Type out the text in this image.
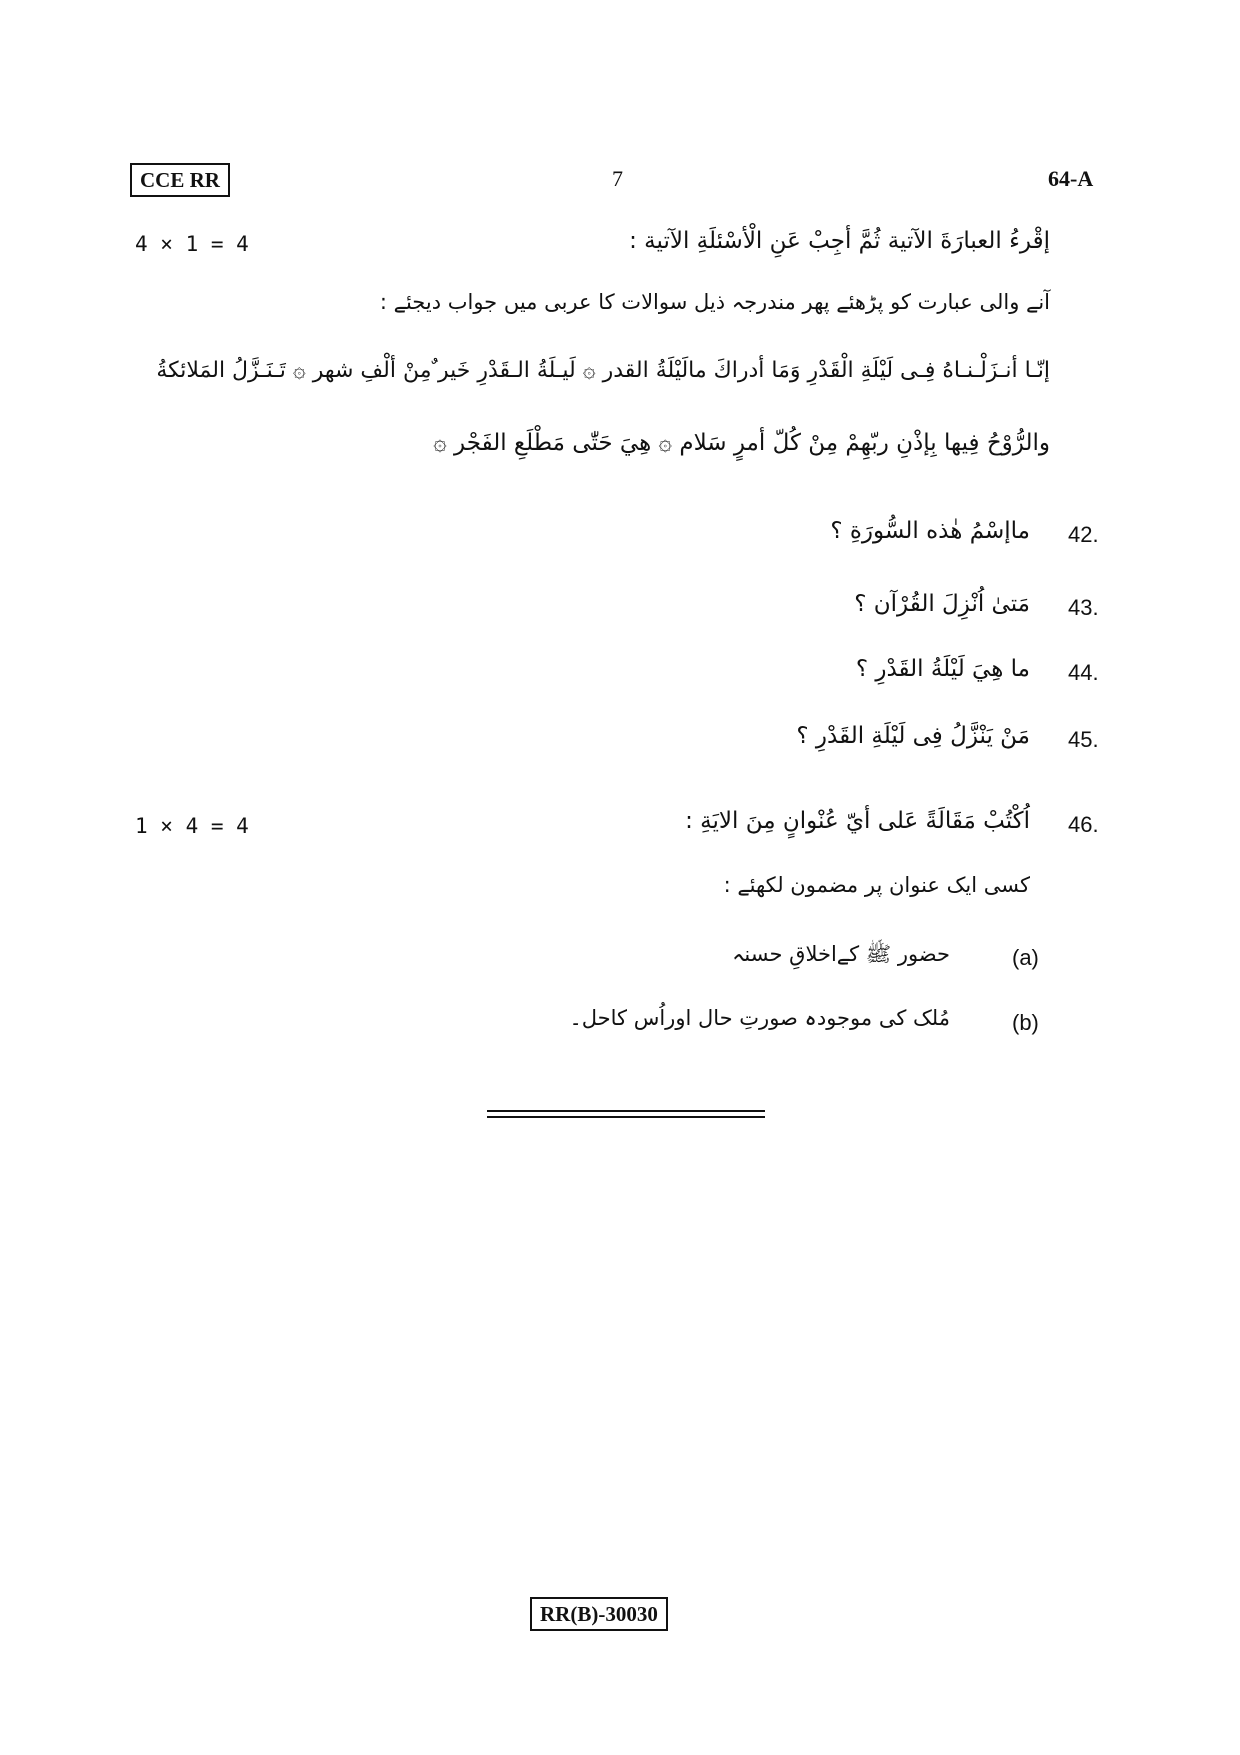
CCE RR	7	64-A
4 × 1 = 4	إقْرءُ العبارَةَ الآتية ثُمَّ أجِبْ عَنِ الْأسْئلَةِ الآتية :
آنے والی عبارت کو پڑھئے پھر مندرجہ ذیل سوالات کا عربی میں جواب دیجئے :
إنّـا أنـزَلْـنـاهُ فِـى لَيْلَةِ الْقَدْرِ وَمَا أدراكَ مالَيْلَةُ القدر ۞ لَيـلَةُ الـقَدْرِ خَير ٌمِنْ ألْفِ شهر ۞ تَـنَـزَّلُ المَلائكةُ
والرُّوْحُ فِيها بِإذْنِ ربّهِمْ مِنْ كُلّ أمرٍ سَلام ۞ هِيَ حَتّٰى مَطْلَعِ الفَجْر ۞
42.
ماإسْمُ هٰذه السُّورَةِ ؟
43.
مَتىٰ اُنْزِلَ القُرْآن ؟
44.
ما هِيَ لَيْلَةُ القَدْرِ ؟
45.
مَنْ يَنْزَّلُ فِى لَيْلَةِ القَدْرِ ؟
46.
1 × 4 = 4	اُكْتُبْ مَقَالَةً عَلى أيّ عُنْوانٍ مِنَ الايَةِ :
کسی ایک عنوان پر مضمون لکھئے :
(a)
حضور ﷺ کےاخلاقِ حسنہ
(b)
مُلک کی موجودہ صورتِ حال اوراُس کاحل۔
RR(B)-30030
